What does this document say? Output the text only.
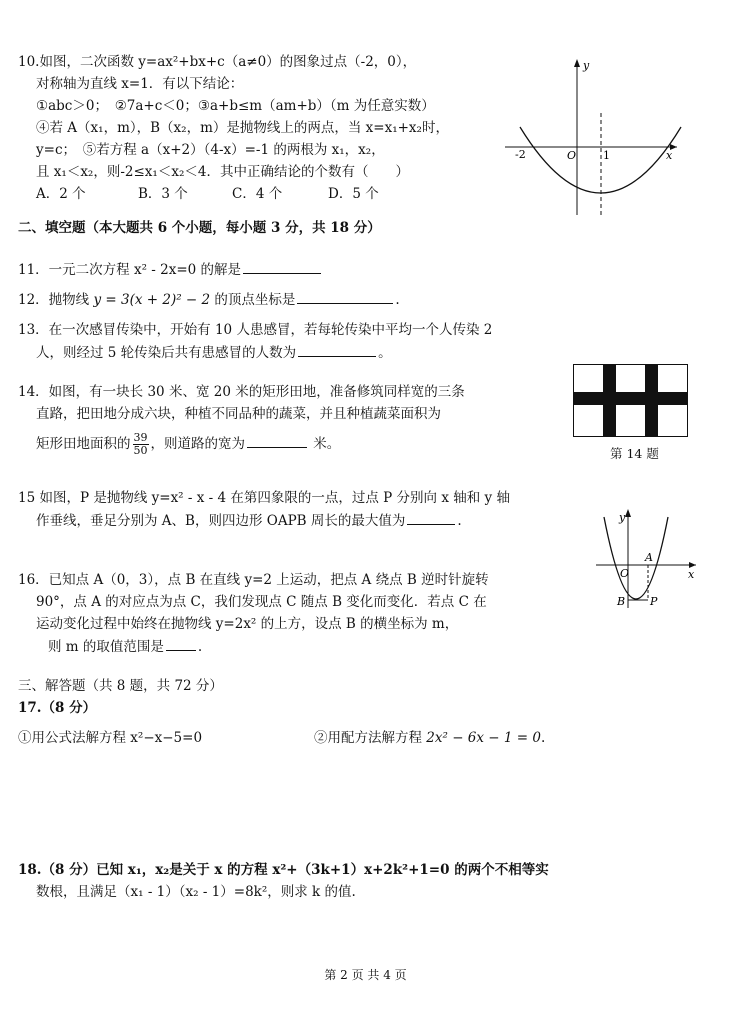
10.如图，二次函数 y=ax²+bx+c（a≠0）的图象过点（-2，0），
对称轴为直线 x=1．有以下结论：
①abc＞0；　②7a+c＜0；③a+b≤m（am+b）（m 为任意实数）
④若 A（x₁，m），B（x₂，m）是抛物线上的两点，当 x=x₁+x₂时，
y=c；　⑤若方程 a（x+2）（4-x）=-1 的两根为 x₁，x₂，
且 x₁＜x₂，则-2≤x₁＜x₂＜4．其中正确结论的个数有（　　）
A．2 个	B．3 个	C．4 个	D．5 个
y
x
O
-2	1
二、填空题（本大题共 6 个小题，每小题 3 分，共 18 分）
11．一元二次方程 x² - 2x=0 的解是
12．抛物线 y = 3(x + 2)² − 2 的顶点坐标是	.
13．在一次感冒传染中，开始有 10 人患感冒，若每轮传染中平均一个人传染 2
人，则经过 5 轮传染后共有患感冒的人数为	。
14．如图，有一块长 30 米、宽 20 米的矩形田地，准备修筑同样宽的三条
直路，把田地分成六块，种植不同品种的蔬菜，并且种植蔬菜面积为
矩形田地面积的 $\frac{39}{50}$ ，则道路的宽为	米。
第 14 题
15 如图，P 是抛物线 y=x² - x - 4 在第四象限的一点，过点 P 分别向 x 轴和 y 轴
作垂线，垂足分别为 A、B，则四边形 OAPB 周长的最大值为	.	y
x
O
A
B P
16．已知点 A（0，3），点 B 在直线 y=2 上运动，把点 A 绕点 B 逆时针旋转
90°，点 A 的对应点为点 C，我们发现点 C 随点 B 变化而变化．若点 C 在
运动变化过程中始终在抛物线 y=2x² 的上方，设点 B 的横坐标为 m，
则 m 的取值范围是	.
三、解答题（共 8 题，共 72 分）
17.（8 分）
①用公式法解方程 x²−x−5=0	②用配方法解方程 2x² − 6x − 1 = 0.
18.（8 分）已知 x₁，x₂是关于 x 的方程 x²+（3k+1）x+2k²+1=0 的两个不相等实
数根，且满足（x₁ - 1）（x₂ - 1）=8k²，则求 k 的值.
第 2 页 共 4 页
